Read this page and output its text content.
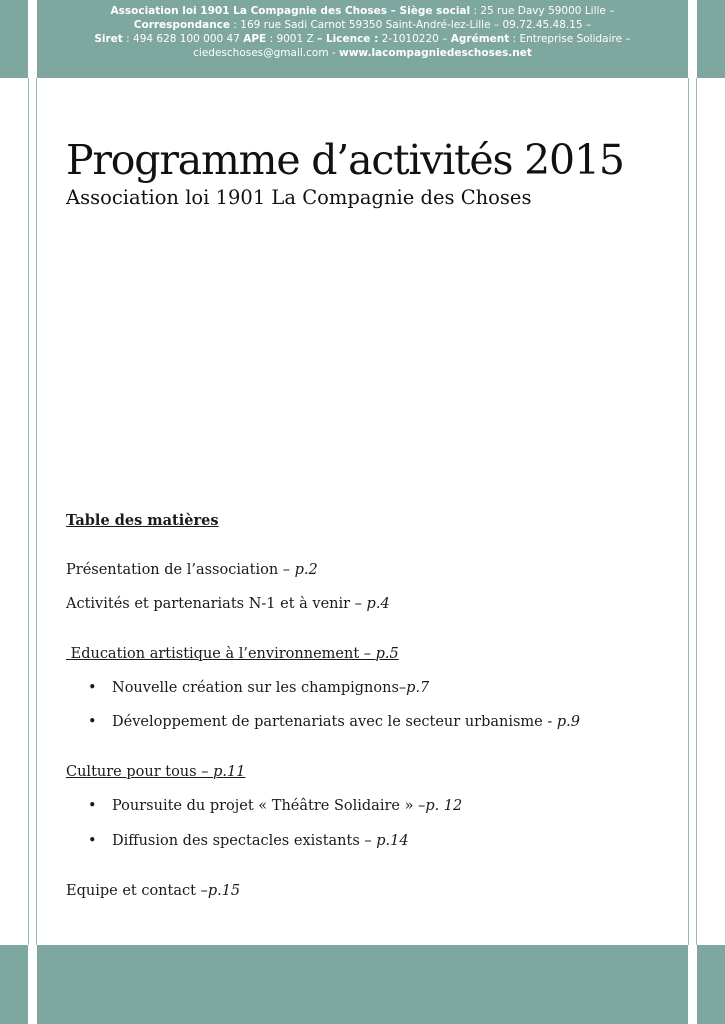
Association loi 1901 La Compagnie des Choses – Siège social : 25 rue Davy 59000 Lille –

Correspondance : 169 rue Sadi Carnot 59350 Saint-André-lez-Lille – 09.72.45.48.15 –

Siret : 494 628 100 000 47 APE : 9001 Z – Licence : 2-1010220 – Agrément : Entreprise Solidaire –

ciedeschoses@gmail.com - www.lacompagniedeschoses.net

Programme d’activités 2015
Association loi 1901 La Compagnie des Choses
Table des matières

Présentation de l’association – p.2

Activités et partenariats N-1 et à venir – p.4

Education artistique à l’environnement – p.5

• Nouvelle création sur les champignons–p.7
• Développement de partenariats avec le secteur urbanisme - p.9

Culture pour tous – p.11

• Poursuite du projet « Théâtre Solidaire » –p. 12
• Diffusion des spectacles existants – p.14

Equipe et contact –p.15
